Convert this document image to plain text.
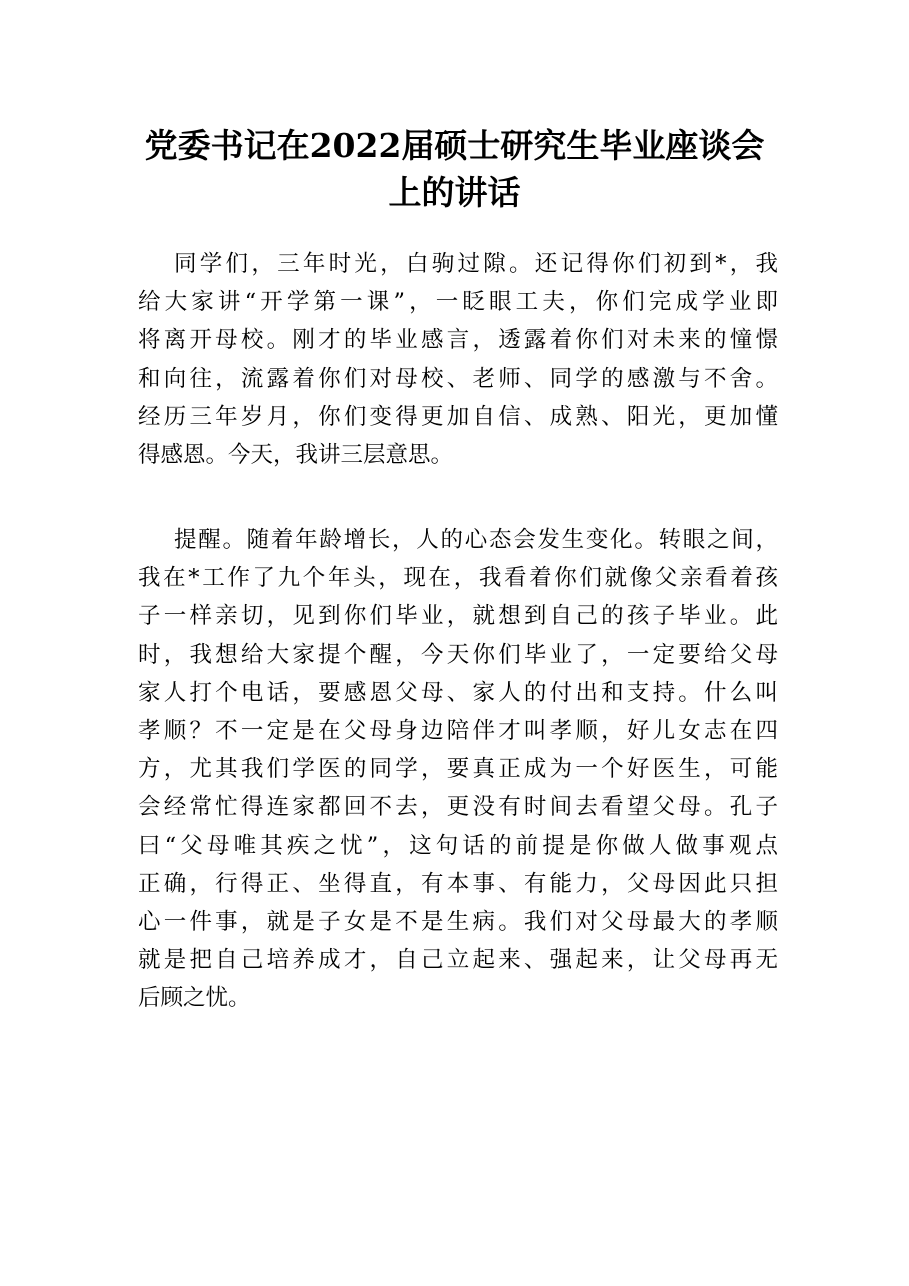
党委书记在2022届硕士研究生毕业座谈会
上的讲话
同学们，三年时光，白驹过隙。还记得你们初到*，我
给大家讲“开学第一课”，一眨眼工夫，你们完成学业即
将离开母校。刚才的毕业感言，透露着你们对未来的憧憬
和向往，流露着你们对母校、老师、同学的感激与不舍。
经历三年岁月，你们变得更加自信、成熟、阳光，更加懂
得感恩。今天，我讲三层意思。
提醒。随着年龄增长，人的心态会发生变化。转眼之间，
我在*工作了九个年头，现在，我看着你们就像父亲看着孩
子一样亲切，见到你们毕业，就想到自己的孩子毕业。此
时，我想给大家提个醒，今天你们毕业了，一定要给父母
家人打个电话，要感恩父母、家人的付出和支持。什么叫
孝顺？不一定是在父母身边陪伴才叫孝顺，好儿女志在四
方，尤其我们学医的同学，要真正成为一个好医生，可能
会经常忙得连家都回不去，更没有时间去看望父母。孔子
曰“父母唯其疾之忧”，这句话的前提是你做人做事观点
正确，行得正、坐得直，有本事、有能力，父母因此只担
心一件事，就是子女是不是生病。我们对父母最大的孝顺
就是把自己培养成才，自己立起来、强起来，让父母再无
后顾之忧。
